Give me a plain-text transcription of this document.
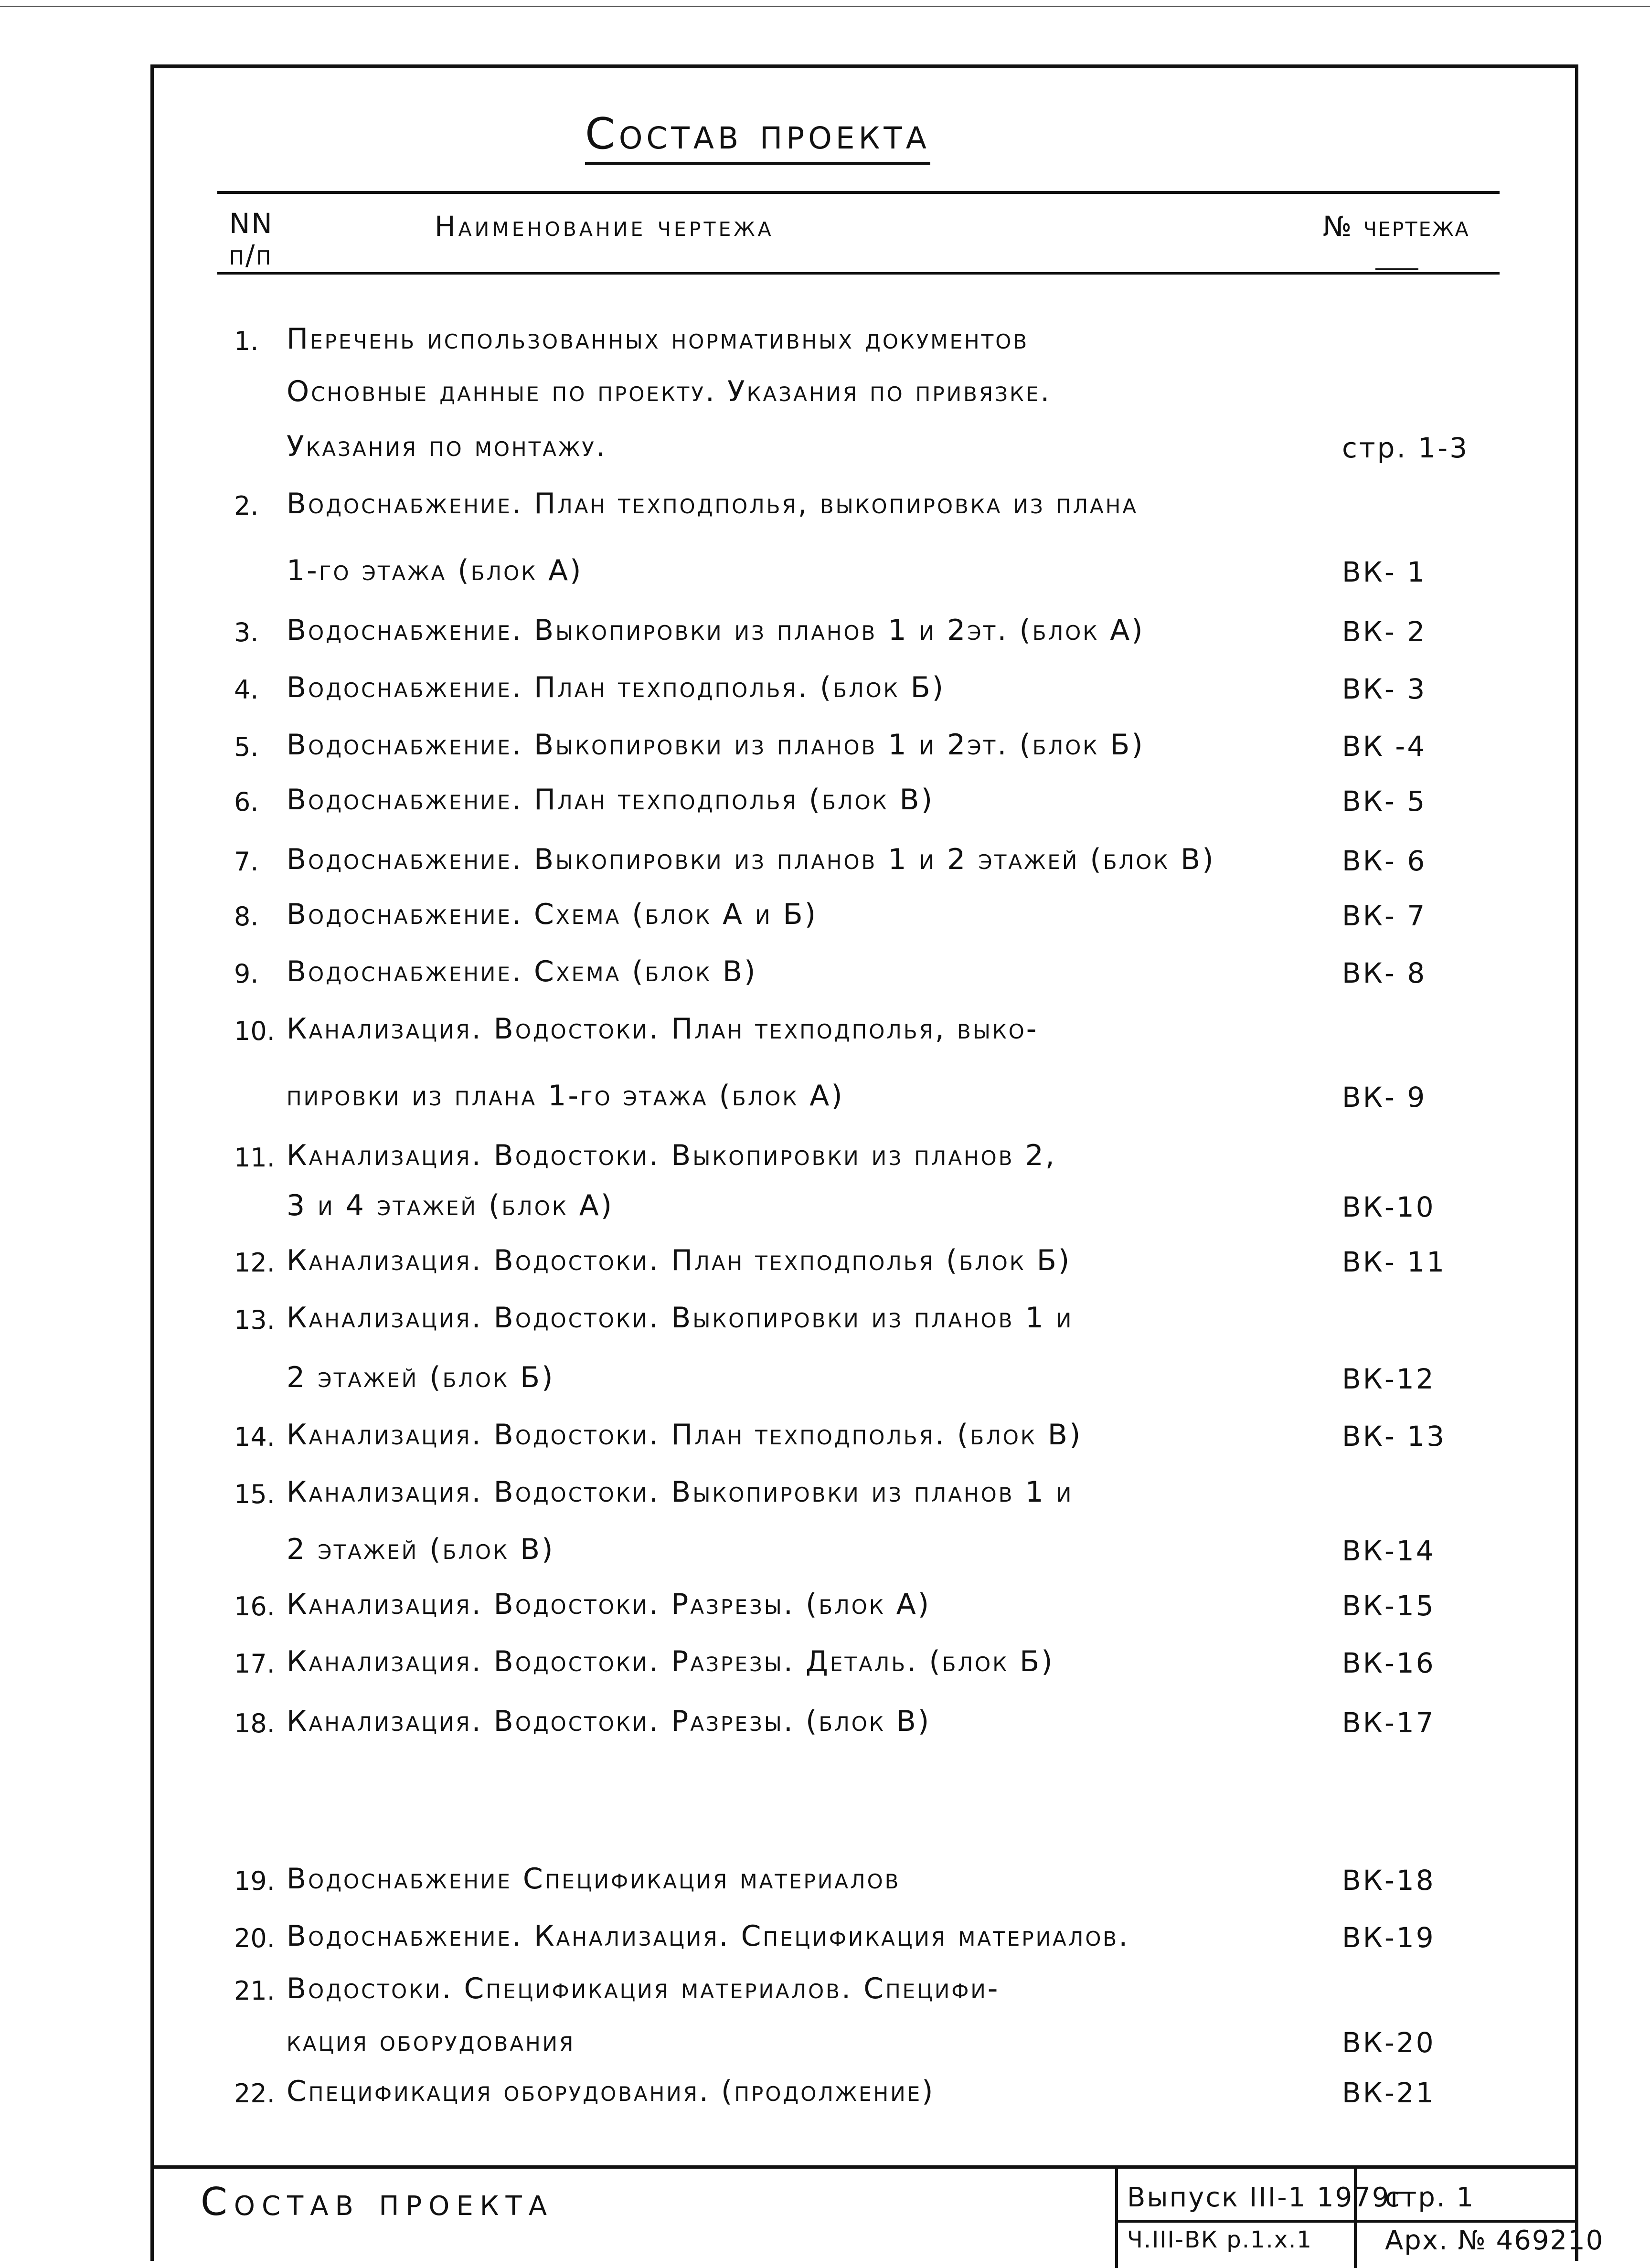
Состав проекта
NN
п/п
Наименование чертежа	№ чертежа
1. Перечень использованных нормативных документов
Основные данные по проекту. Указания по привязке.
Указания по монтажу.	стр. 1-3
2. Водоснабжение. План техподполья, выкопировка из плана
1-го этажа (блок А)	ВК- 1
3. Водоснабжение. Выкопировки из планов 1 и 2эт. (блок А)	ВК- 2
4. Водоснабжение. План техподполья. (блок Б)	ВК- 3
5. Водоснабжение. Выкопировки из планов 1 и 2эт. (блок Б)	ВК -4
6. Водоснабжение. План техподполья (блок В)	ВК- 5
7. Водоснабжение. Выкопировки из планов 1 и 2 этажей (блок В)	ВК- 6
8. Водоснабжение. Схема (блок А и Б)	ВК- 7
9. Водоснабжение. Схема (блок В)	ВК- 8
10. Канализация. Водостоки. План техподполья, выко-
пировки из плана 1-го этажа (блок А)	ВК- 9
11. Канализация. Водостоки. Выкопировки из планов 2,
3 и 4 этажей (блок А)	ВК-10
12. Канализация. Водостоки. План техподполья (блок Б)	ВК- 11
13. Канализация. Водостоки. Выкопировки из планов 1 и
2 этажей (блок Б)	ВК-12
14. Канализация. Водостоки. План техподполья. (блок В)	ВК- 13
15. Канализация. Водостоки. Выкопировки из планов 1 и
2 этажей (блок В)	ВК-14
16. Канализация. Водостоки. Разрезы. (блок А)	ВК-15
17. Канализация. Водостоки. Разрезы. Деталь. (блок Б)	ВК-16
18. Канализация. Водостоки. Разрезы. (блок В)	ВК-17
19. Водоснабжение Спецификация материалов	ВК-18
20. Водоснабжение. Канализация. Спецификация материалов.	ВК-19
21. Водостоки. Спецификация материалов. Специфи-
кация оборудования	ВК-20
22. Спецификация оборудования. (продолжение)	ВК-21
Состав проекта	Выпуск III-1 1979г
Ч.III-ВК р.1.х.1
стр. 1
Арх. № 469210
